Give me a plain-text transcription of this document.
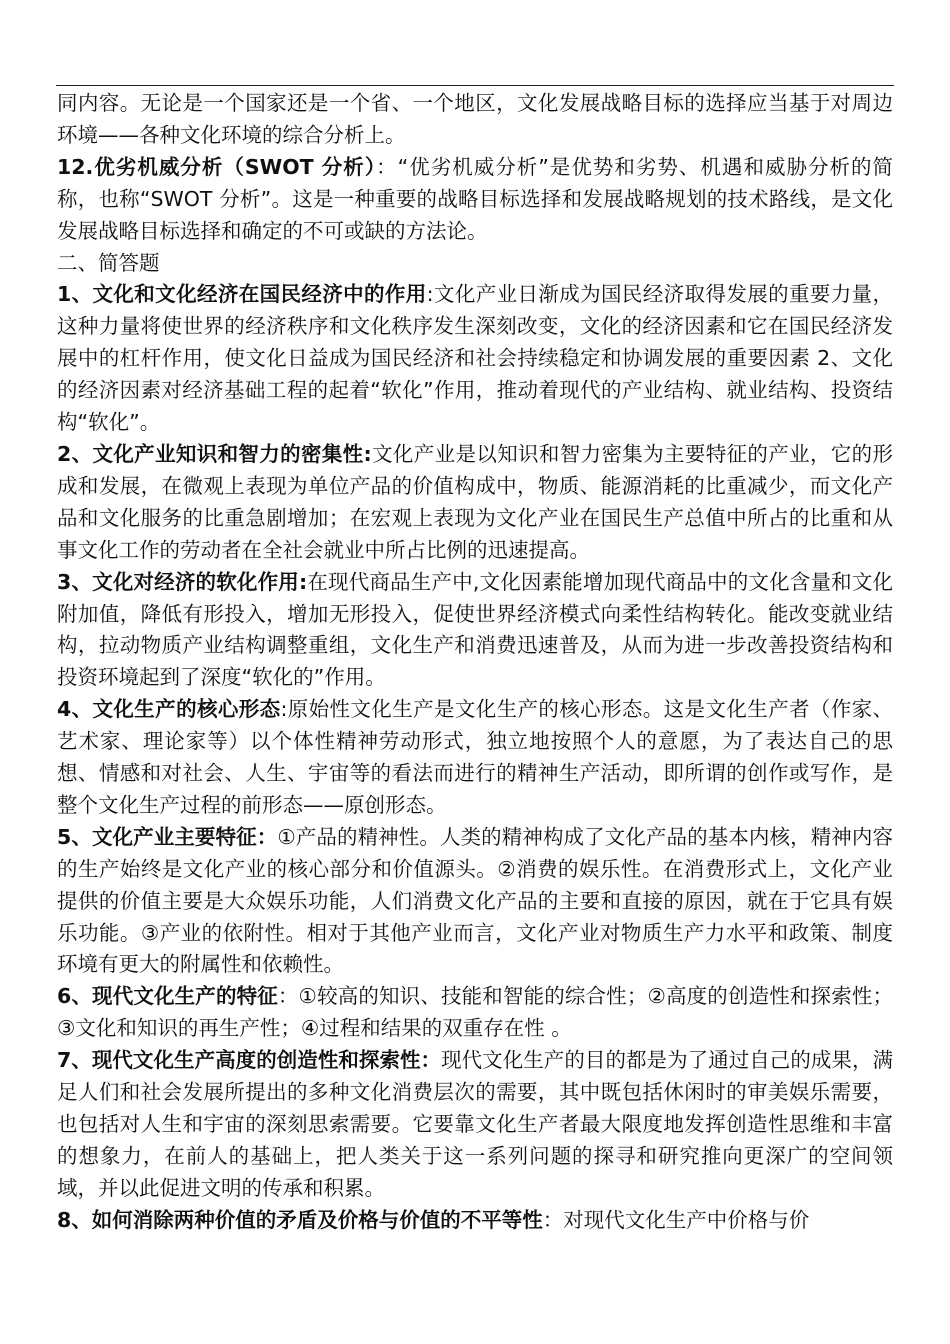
同内容。无论是一个国家还是一个省、一个地区，文化发展战略目标的选择应当基于对周边环境——各种文化环境的综合分析上。

12.优劣机威分析（SWOT 分析）：“优劣机威分析”是优势和劣势、机遇和威胁分析的简称，也称“SWOT 分析”。这是一种重要的战略目标选择和发展战略规划的技术路线，是文化发展战略目标选择和确定的不可或缺的方法论。

二、简答题

1、文化和文化经济在国民经济中的作用:文化产业日渐成为国民经济取得发展的重要力量，这种力量将使世界的经济秩序和文化秩序发生深刻改变，文化的经济因素和它在国民经济发展中的杠杆作用，使文化日益成为国民经济和社会持续稳定和协调发展的重要因素 2、文化的经济因素对经济基础工程的起着“软化”作用，推动着现代的产业结构、就业结构、投资结构“软化”。

2、文化产业知识和智力的密集性:文化产业是以知识和智力密集为主要特征的产业，它的形成和发展，在微观上表现为单位产品的价值构成中，物质、能源消耗的比重减少，而文化产品和文化服务的比重急剧增加；在宏观上表现为文化产业在国民生产总值中所占的比重和从事文化工作的劳动者在全社会就业中所占比例的迅速提高。

3、文化对经济的软化作用:在现代商品生产中,文化因素能增加现代商品中的文化含量和文化附加值，降低有形投入，增加无形投入，促使世界经济模式向柔性结构转化。能改变就业结构，拉动物质产业结构调整重组，文化生产和消费迅速普及，从而为进一步改善投资结构和投资环境起到了深度“软化的”作用。

4、文化生产的核心形态:原始性文化生产是文化生产的核心形态。这是文化生产者（作家、艺术家、理论家等）以个体性精神劳动形式，独立地按照个人的意愿，为了表达自己的思想、情感和对社会、人生、宇宙等的看法而进行的精神生产活动，即所谓的创作或写作，是整个文化生产过程的前形态——原创形态。

5、文化产业主要特征：①产品的精神性。人类的精神构成了文化产品的基本内核，精神内容的生产始终是文化产业的核心部分和价值源头。②消费的娱乐性。在消费形式上，文化产业提供的价值主要是大众娱乐功能，人们消费文化产品的主要和直接的原因，就在于它具有娱乐功能。③产业的依附性。相对于其他产业而言，文化产业对物质生产力水平和政策、制度环境有更大的附属性和依赖性。

6、现代文化生产的特征：①较高的知识、技能和智能的综合性；②高度的创造性和探索性；③文化和知识的再生产性；④过程和结果的双重存在性 。

7、现代文化生产高度的创造性和探索性：现代文化生产的目的都是为了通过自己的成果，满足人们和社会发展所提出的多种文化消费层次的需要，其中既包括休闲时的审美娱乐需要，也包括对人生和宇宙的深刻思索需要。它要靠文化生产者最大限度地发挥创造性思维和丰富的想象力，在前人的基础上，把人类关于这一系列问题的探寻和研究推向更深广的空间领域，并以此促进文明的传承和积累。

8、如何消除两种价值的矛盾及价格与价值的不平等性：对现代文化生产中价格与价
